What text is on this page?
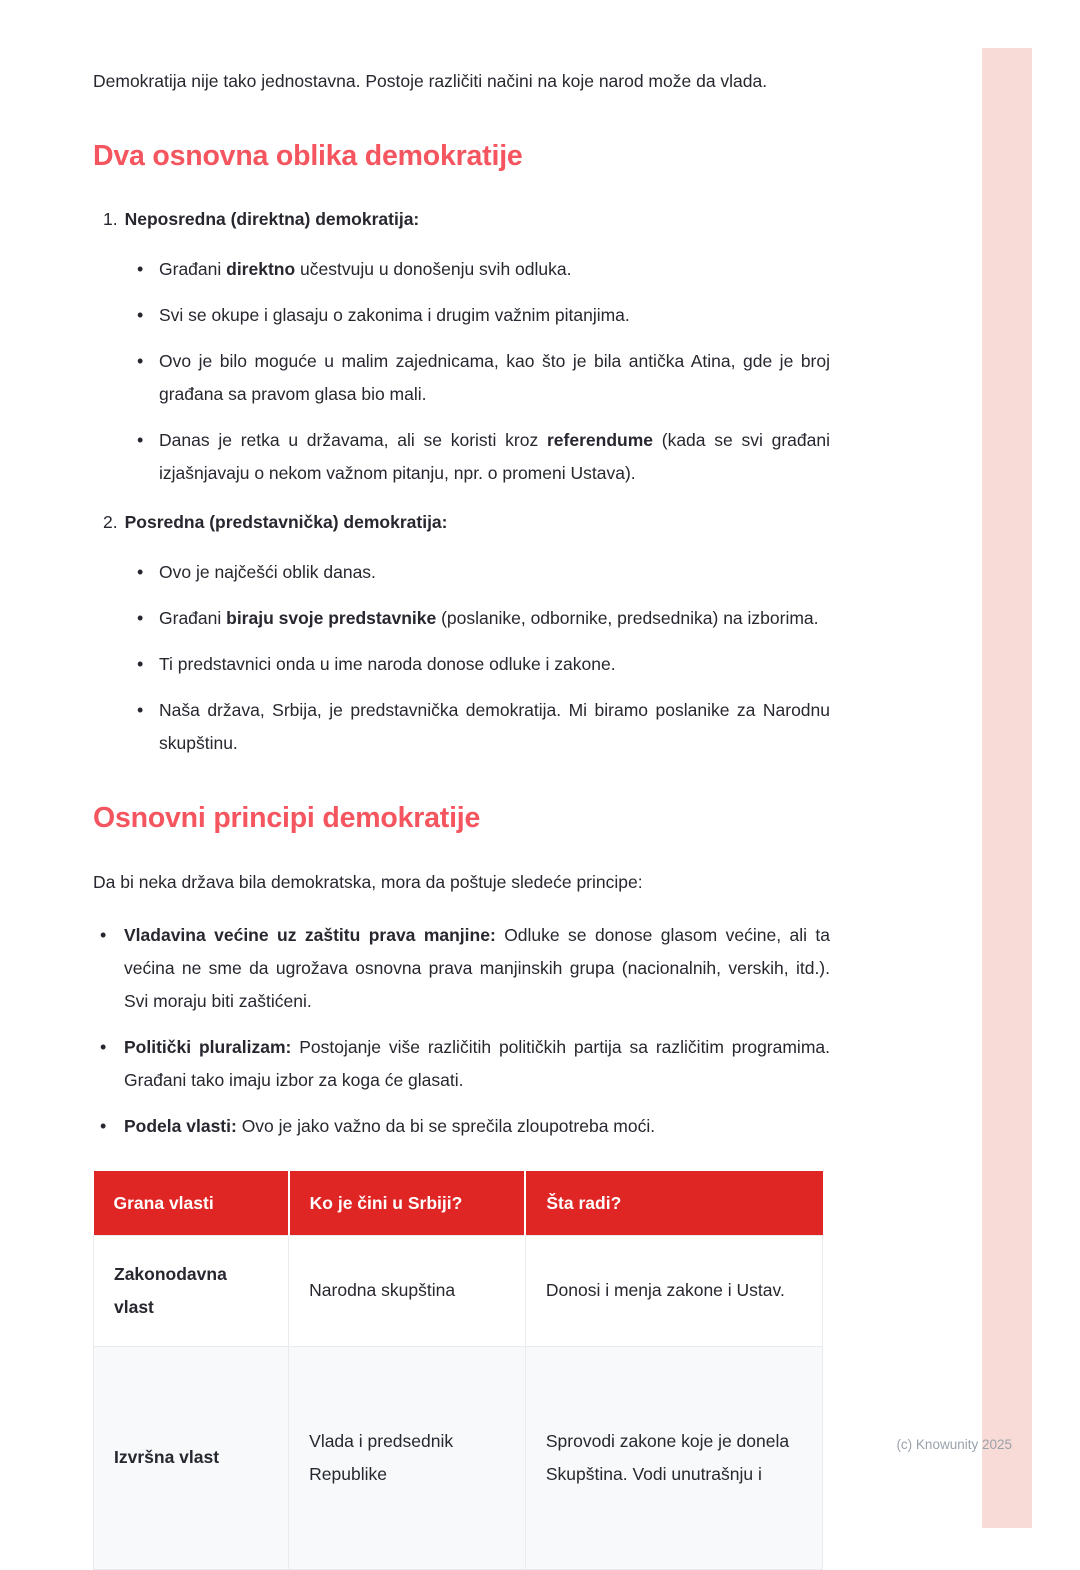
Demokratija nije tako jednostavna. Postoje različiti načini na koje narod može da vlada.

Dva osnovna oblika demokratije
1. Neposredna (direktna) demokratija:
• Građani direktno učestvuju u donošenju svih odluka.
• Svi se okupe i glasaju o zakonima i drugim važnim pitanjima.
• Ovo je bilo moguće u malim zajednicama, kao što je bila antička Atina, gde je broj građana sa pravom glasa bio mali.
• Danas je retka u državama, ali se koristi kroz referendume (kada se svi građani izjašnjavaju o nekom važnom pitanju, npr. o promeni Ustava).
2. Posredna (predstavnička) demokratija:
• Ovo je najčešći oblik danas.
• Građani biraju svoje predstavnike (poslanike, odbornike, predsednika) na izborima.
• Ti predstavnici onda u ime naroda donose odluke i zakone.
• Naša država, Srbija, je predstavnička demokratija. Mi biramo poslanike za Narodnu skupštinu.
Osnovni principi demokratije

Da bi neka država bila demokratska, mora da poštuje sledeće principe:

•	Vladavina većine uz zaštitu prava manjine: Odluke se donose glasom većine, ali ta većina ne sme da ugrožava osnovna prava manjinskih grupa (nacionalnih, verskih, itd.). Svi moraju biti zaštićeni.
•	Politički pluralizam: Postojanje više različitih političkih partija sa različitim programima. Građani tako imaju izbor za koga će glasati.
•	Podela vlasti: Ovo je jako važno da bi se sprečila zloupotreba moći.
Grana vlasti	Ko je čini u Srbiji?	Šta radi?
Zakonodavna vlast	Narodna skupština	Donosi i menja zakone i Ustav.
Izvršna vlast	Vlada i predsednik Republike	Sprovodi zakone koje je donela Skupština. Vodi unutrašnju i
(c) Knowunity 2025
